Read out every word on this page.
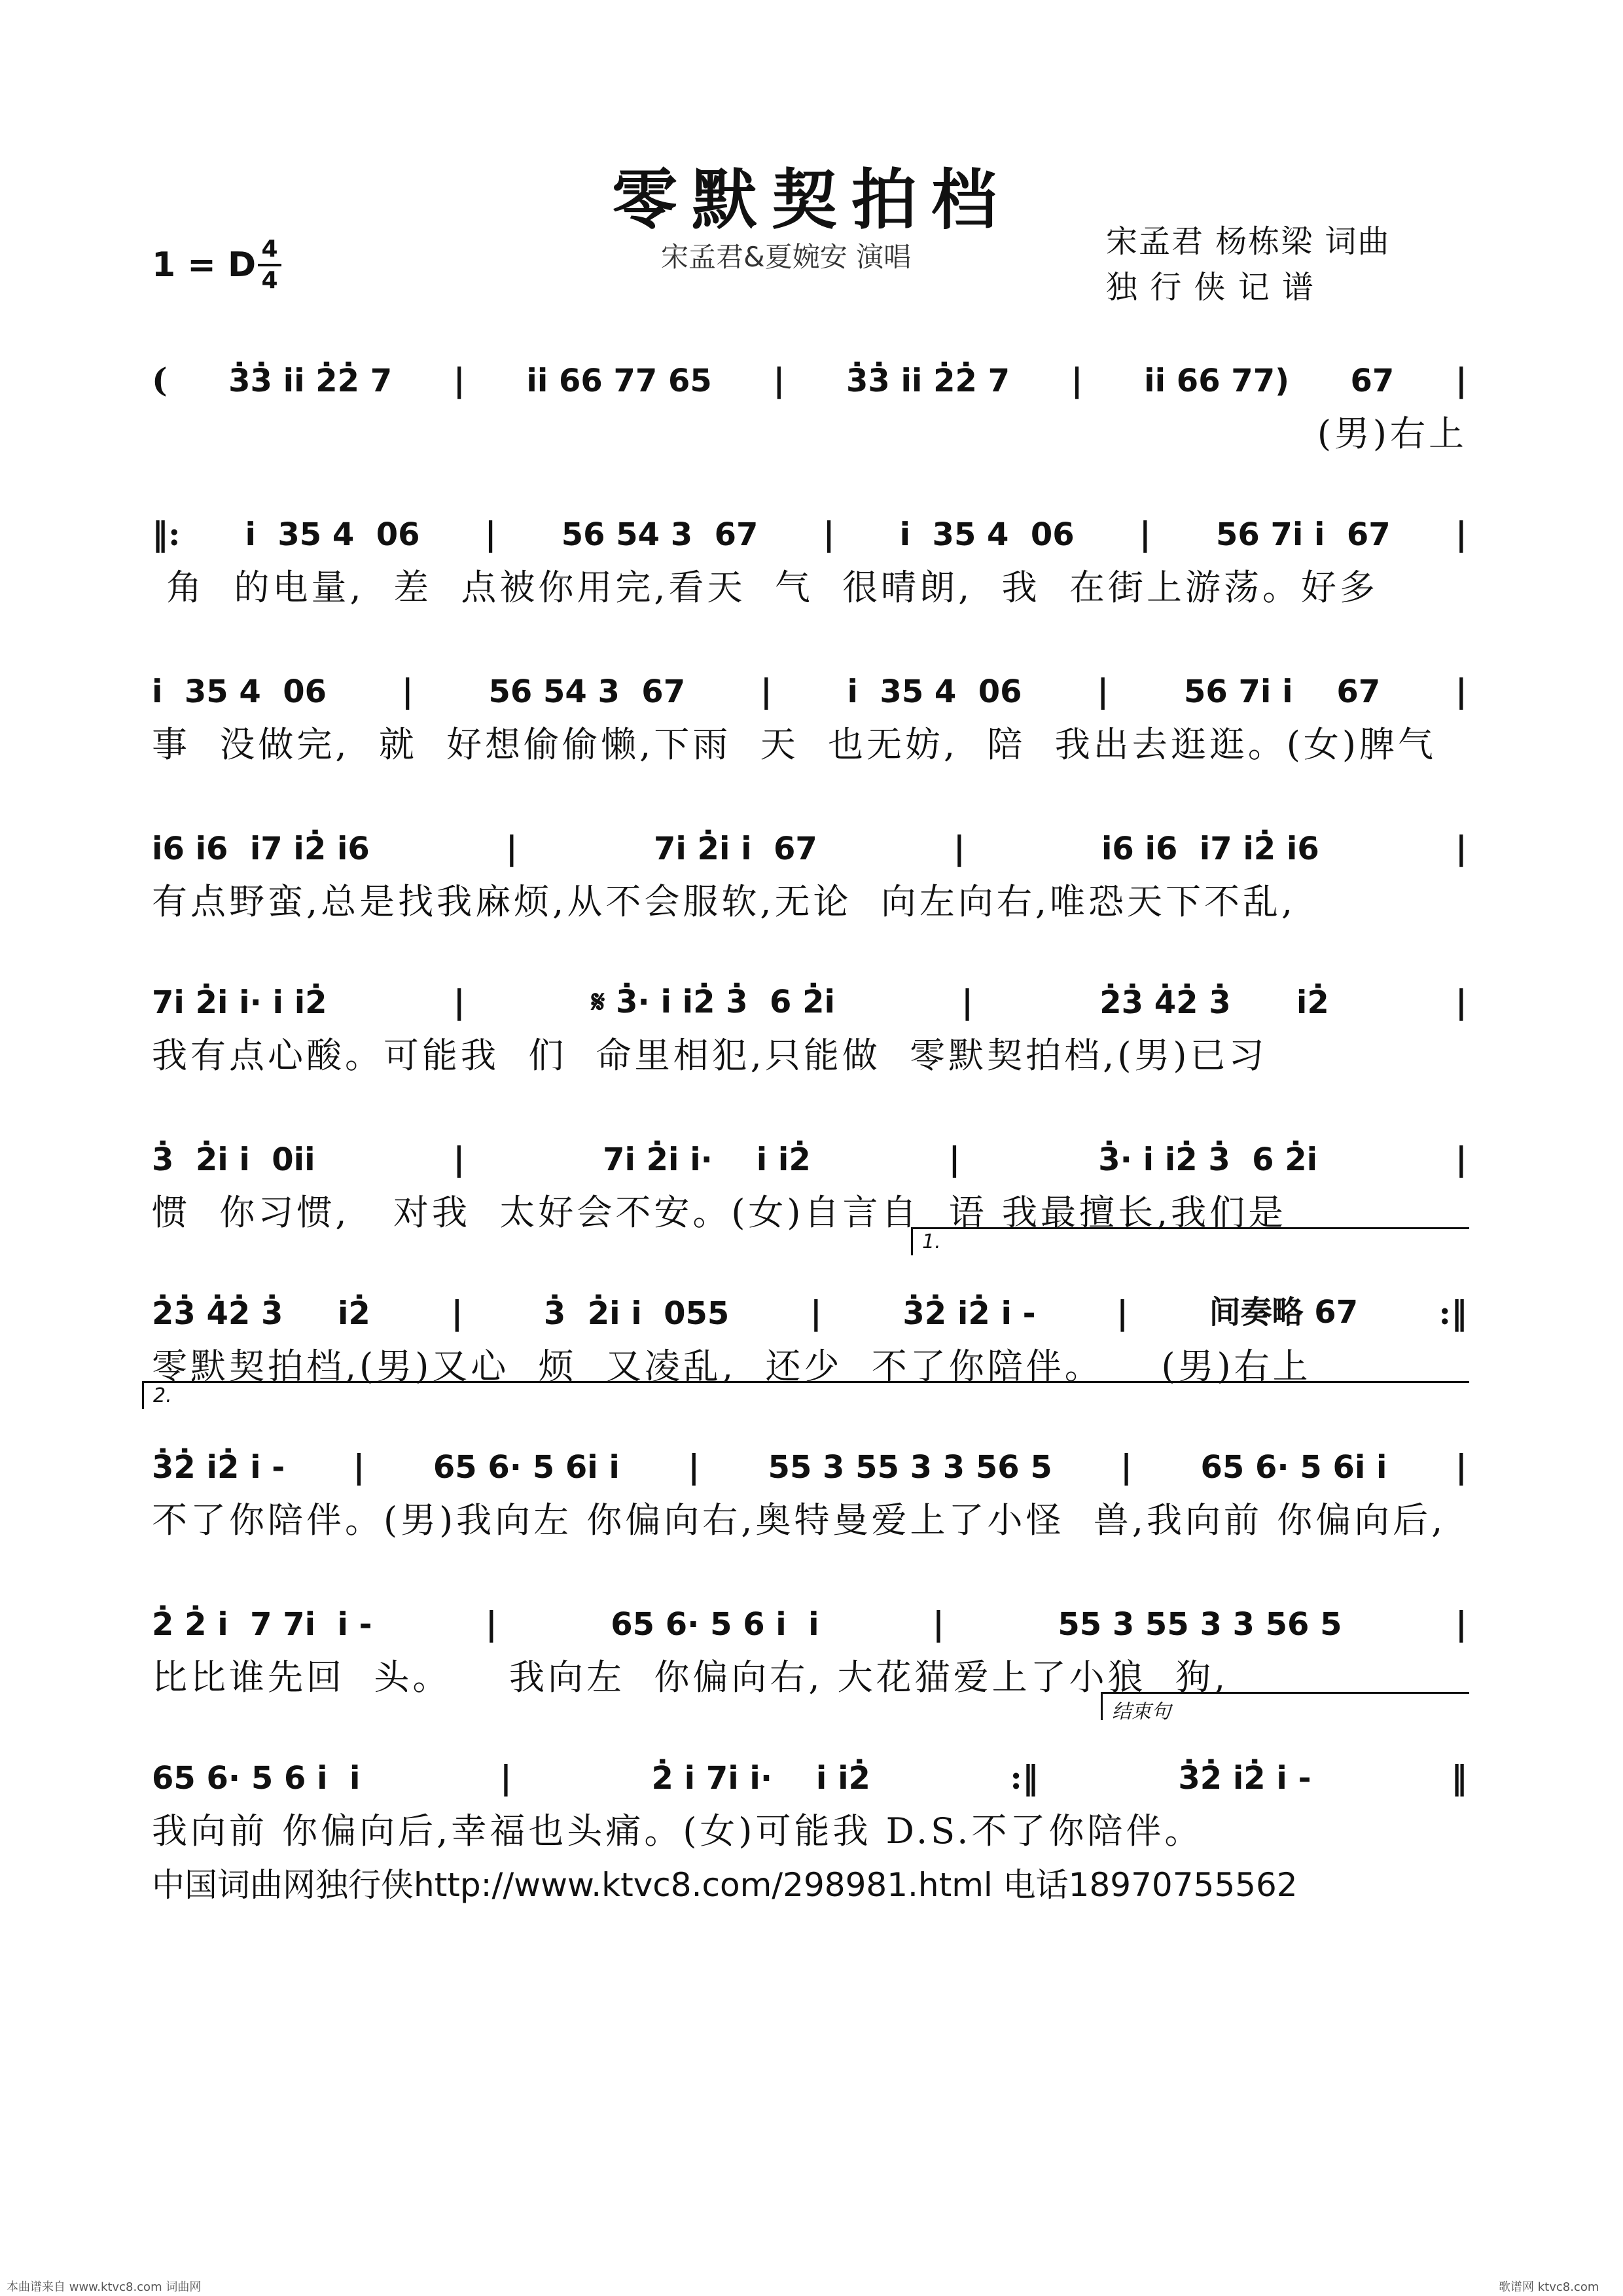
零默契拍档
1 = D 4
4
宋孟君&夏婉安 演唱	宋孟君 杨栋梁 词曲
独 行 侠 记 谱
( 3̇3̇ i̇i̇ 2̇2̇ 7 | i̇i̇ 66 77 65 | 3̇3̇ i̇i̇ 2̇2̇ 7 | i̇i̇ 66 77) 67 |
(男)右上
‖: i̇  35 4  06 | 56 54 3  67 | i̇  35 4  06 | 56 7i̇ i̇  67 |
角  的电量,  差  点被你用完,看天  气  很晴朗,  我  在街上游荡。好多
i̇  35 4  06 | 56 54 3  67 | i̇  35 4  06 | 56 7i̇ i̇    67 |
事  没做完,  就  好想偷偷懒,下雨  天  也无妨,  陪  我出去逛逛。(女)脾气
i̇6 i̇6  i̇7 i̇2̇ i̇6	|	7i̇ 2̇i̇ i̇  67	|	i̇6 i̇6  i̇7 i̇2̇ i̇6	|
有点野蛮,总是找我麻烦,从不会服软,无论  向左向右,唯恐天下不乱,
7i̇ 2̇i̇ i̇· i̇ i̇2̇	|	𝄋 3̇· i̇ i̇2̇ 3̇  6 2̇i̇	|	2̇3̇ 4̇2̇ 3̇      i̇2̇	|
我有点心酸。可能我  们  命里相犯,只能做  零默契拍档,(男)已习
3̇  2̇i̇ i̇  0i̇i̇	|	7i̇ 2̇i̇ i̇·    i̇ i̇2̇	|	3̇· i̇ i̇2̇ 3̇  6 2̇i̇	|
惯  你习惯,   对我  太好会不安。(女)自言自  语 我最擅长,我们是
2̇3̇ 4̇2̇ 3̇     i̇2̇ |	3̇  2̇i̇ i̇  055 |	3̇2̇ i̇2̇ i̇ - |	间奏略 67 :‖
零默契拍档,(男)又心  烦  又凌乱,  还少  不了你陪伴。    (男)右上
1.
3̇2̇ i̇2̇ i̇ - | 65 6· 5 6i̇ i̇ | 55 3 55 3 3 56 5 | 65 6· 5 6i̇ i̇ |
不了你陪伴。(男)我向左 你偏向右,奥特曼爱上了小怪  兽,我向前 你偏向后,
2.
2̇ 2̇ i̇  7 7i̇  i̇ -	|	65 6· 5 6 i̇  i̇	|	55 3 55 3 3 56 5	|
比比谁先回  头。    我向左  你偏向右, 大花猫爱上了小狼  狗,
65 6· 5 6 i̇  i̇	|	2̇ i̇ 7i̇ i̇·    i̇ i̇2̇	:‖	3̇2̇ i̇2̇ i̇ -	‖
我向前 你偏向后,幸福也头痛。(女)可能我 D.S.不了你陪伴。
结束句
中国词曲网独行侠http://www.ktvc8.com/298981.html 电话18970755562
本曲谱来自 www.ktvc8.com 词曲网	歌谱网 ktvc8.com
